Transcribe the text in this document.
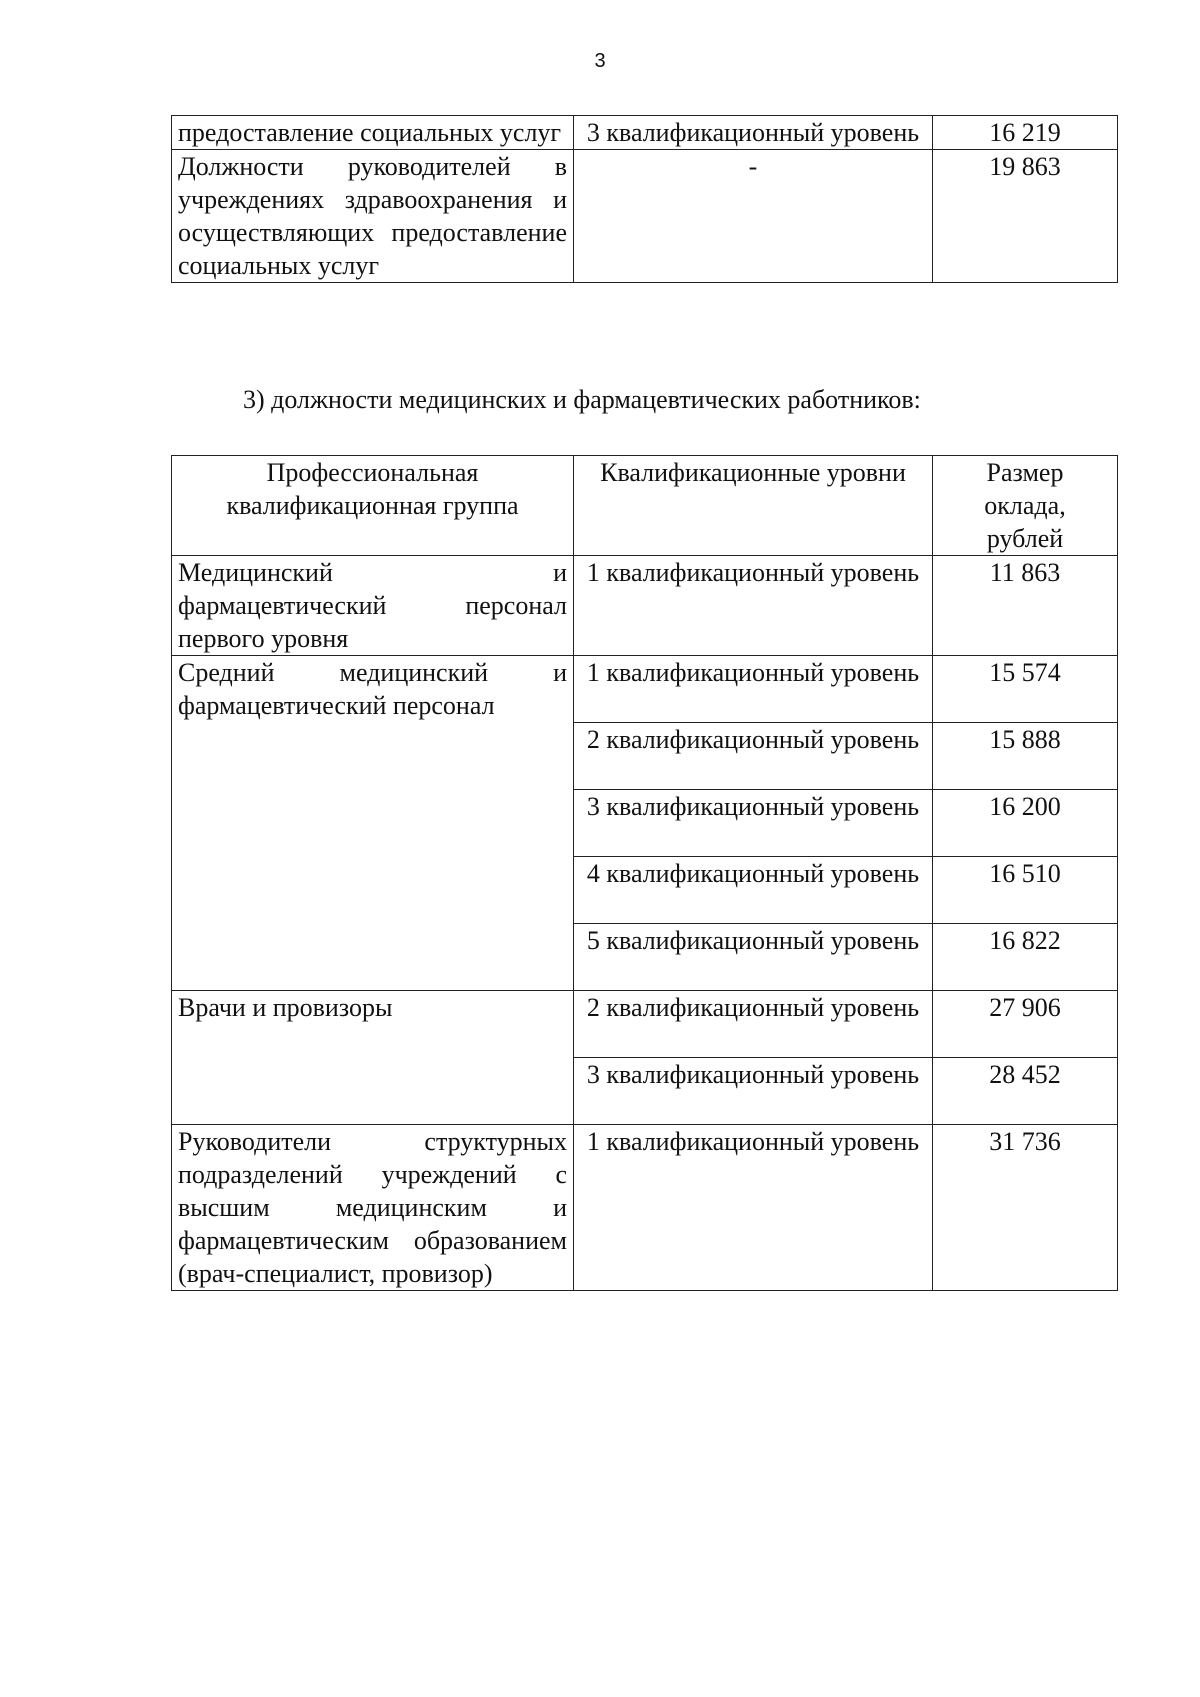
3
предоставление социальных услуг	3 квалификационный уровень	16 219
Должности руководителей в учреждениях здравоохранения и осуществляющих предоставление социальных услуг	-	19 863
3) должности медицинских и фармацевтических работников:
Профессиональная квалификационная группа	Квалификационные уровни	Размер оклада, рублей
Медицинский и фармацевтический персонал первого уровня	1 квалификационный уровень	11 863
Средний медицинский и фармацевтический персонал	1 квалификационный уровень	15 574
	2 квалификационный уровень	15 888
	3 квалификационный уровень	16 200
	4 квалификационный уровень	16 510
	5 квалификационный уровень	16 822
Врачи и провизоры	2 квалификационный уровень	27 906
	3 квалификационный уровень	28 452
Руководители структурных подразделений учреждений с высшим медицинским и фармацевтическим образованием (врач-специалист, провизор)	1 квалификационный уровень	31 736
